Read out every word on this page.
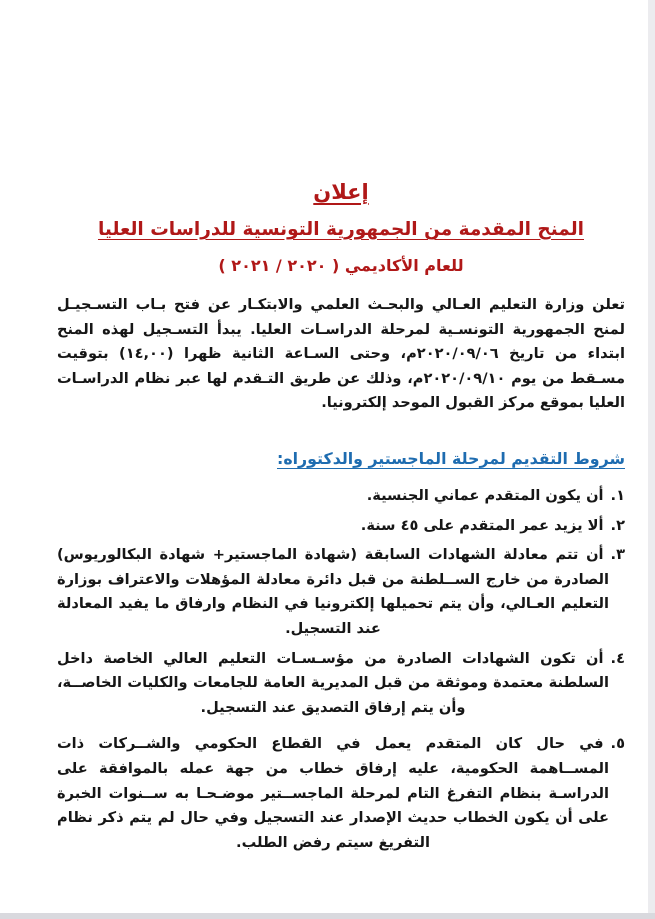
إعلان
المنح المقدمة من الجمهورية التونسية للدراسات العليا
للعام الأكاديمي ( ٢٠٢٠ / ٢٠٢١ )

تعلن وزارة التعليم العـالي والبحـث العلمي والابتكـار عن فتح بـاب التسـجيـل لمنح الجمهورية التونسـية لمرحلة الدراسـات العليا. يبدأ التسـجيل لهذه المنح ابتداء من تاريخ ٢٠٢٠/٠٩/٠٦م، وحتى السـاعة الثانية ظهرا (١٤,٠٠) بتوقيت مسـقط من يوم ٢٠٢٠/٠٩/١٠م، وذلك عن طريق التـقدم لها عبر نظام الدراسـات العليا بموقع مركز القبول الموحد إلكترونيا.

شروط التقديم لمرحلة الماجستير والدكتوراه:
١.أن يكون المتقدم عماني الجنسية.
٢.ألا يزيد عمر المتقدم على ٤٥ سنة.
٣.أن تتم معادلة الشهادات السابقة (شهادة الماجستير+ شهادة البكالوريوس) الصادرة من خارج الســلطنة من قبل دائرة معادلة المؤهلات والاعتراف بوزارة التعليم العـالي، وأن يتم تحميلها إلكترونيا في النظام وارفاق ما يفيد المعادلة عند التسجيل.
٤.أن تكون الشهادات الصادرة من مؤسـسـات التعليم العالي الخاصة داخل السلطنة معتمدة وموثقة من قبل المديرية العامة للجامعات والكليات الخاصــة، وأن يتم إرفاق التصديق عند التسجيل.
٥.في حال كان المتقدم يعمل في القطاع الحكومي والشــركات ذات المســاهمة الحكومية، عليه إرفاق خطاب من جهة عمله بالموافقة على الدراسـة بنظام التفرغ التام لمرحلة الماجســتير موضـحـا به ســنوات الخبرة على أن يكون الخطاب حديث الإصدار عند التسجيل وفي حال لم يتم ذكر نظام التفريغ سيتم رفض الطلب.
